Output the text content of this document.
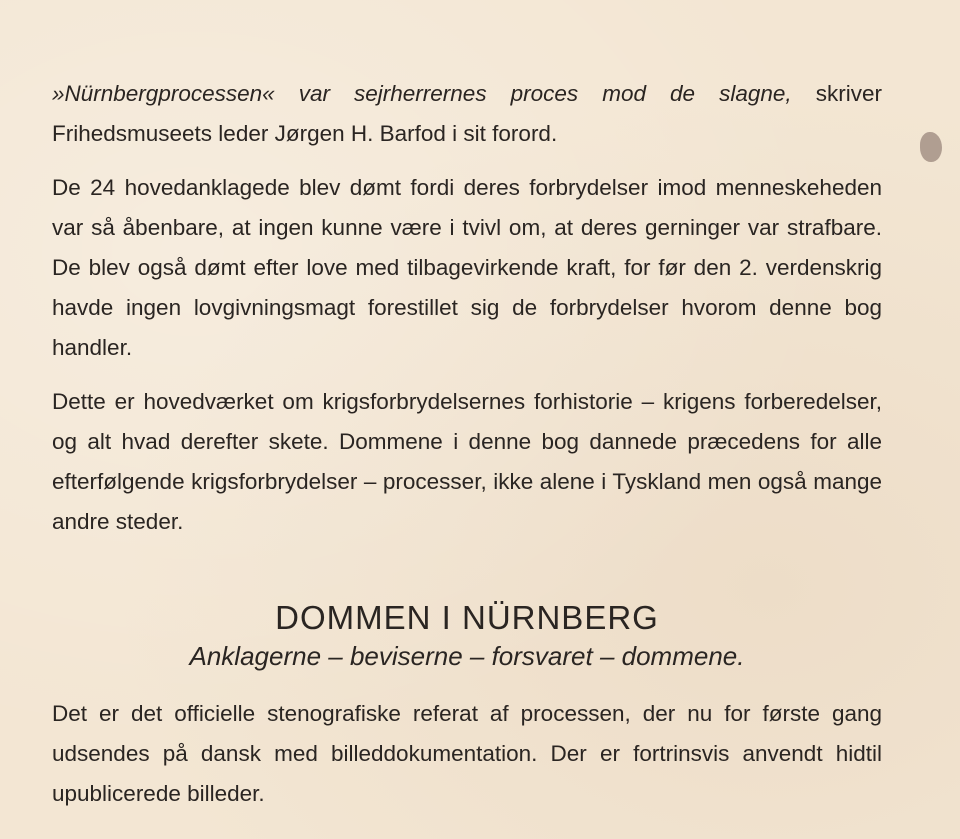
»Nürnbergprocessen« var sejrherrernes proces mod de slagne, skriver Frihedsmuseets leder Jørgen H. Barfod i sit forord.

De 24 hovedanklagede blev dømt fordi deres forbrydelser imod menneskeheden var så åbenbare, at ingen kunne være i tvivl om, at deres gerninger var strafbare. De blev også dømt efter love med tilbagevirkende kraft, for før den 2. verdenskrig havde ingen lovgivningsmagt forestillet sig de forbrydelser hvorom denne bog handler.

Dette er hovedværket om krigsforbrydelsernes forhistorie – krigens forberedelser, og alt hvad derefter skete. Dommene i denne bog dannede præcedens for alle efterfølgende krigsforbrydelser – processer, ikke alene i Tyskland men også mange andre steder.

DOMMEN I NÜRNBERG
Anklagerne – beviserne – forsvaret – dommene.

Det er det officielle stenografiske referat af processen, der nu for første gang udsendes på dansk med billeddokumentation. Der er fortrinsvis anvendt hidtil upublicerede billeder.
